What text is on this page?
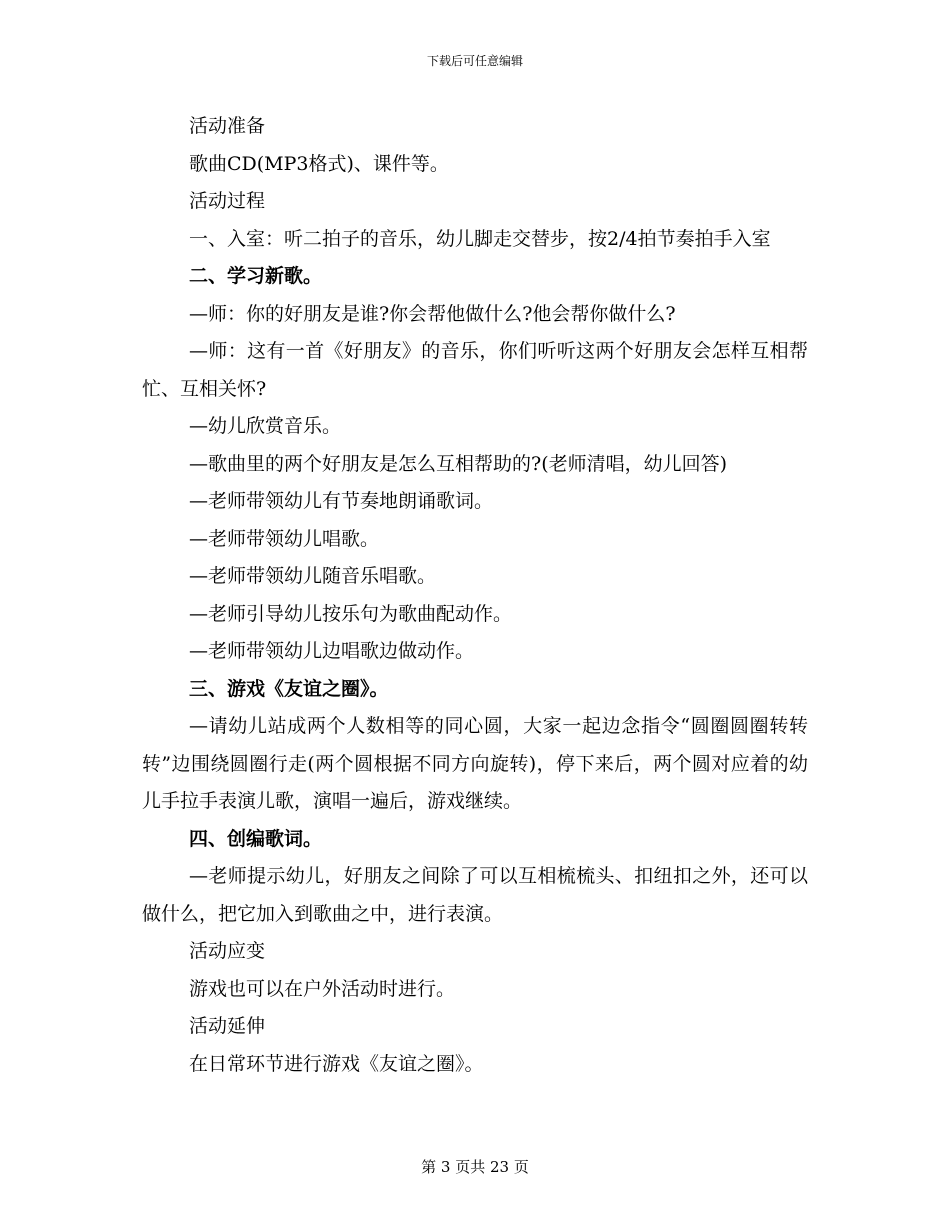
下载后可任意编辑

活动准备

歌曲CD(MP3格式)、课件等。

活动过程

一、入室：听二拍子的音乐，幼儿脚走交替步，按2/4拍节奏拍手入室

二、学习新歌。

—师：你的好朋友是谁?你会帮他做什么?他会帮你做什么?

—师：这有一首《好朋友》的音乐，你们听听这两个好朋友会怎样互相帮忙、互相关怀?

—幼儿欣赏音乐。

—歌曲里的两个好朋友是怎么互相帮助的?(老师清唱，幼儿回答)

—老师带领幼儿有节奏地朗诵歌词。

—老师带领幼儿唱歌。

—老师带领幼儿随音乐唱歌。

—老师引导幼儿按乐句为歌曲配动作。

—老师带领幼儿边唱歌边做动作。

三、游戏《友谊之圈》。

—请幼儿站成两个人数相等的同心圆，大家一起边念指令“圆圈圆圈转转转”边围绕圆圈行走(两个圆根据不同方向旋转)，停下来后，两个圆对应着的幼儿手拉手表演儿歌，演唱一遍后，游戏继续。

四、创编歌词。

—老师提示幼儿，好朋友之间除了可以互相梳梳头、扣纽扣之外，还可以做什么，把它加入到歌曲之中，进行表演。

活动应变

游戏也可以在户外活动时进行。

活动延伸

在日常环节进行游戏《友谊之圈》。

第 3 页共 23 页
